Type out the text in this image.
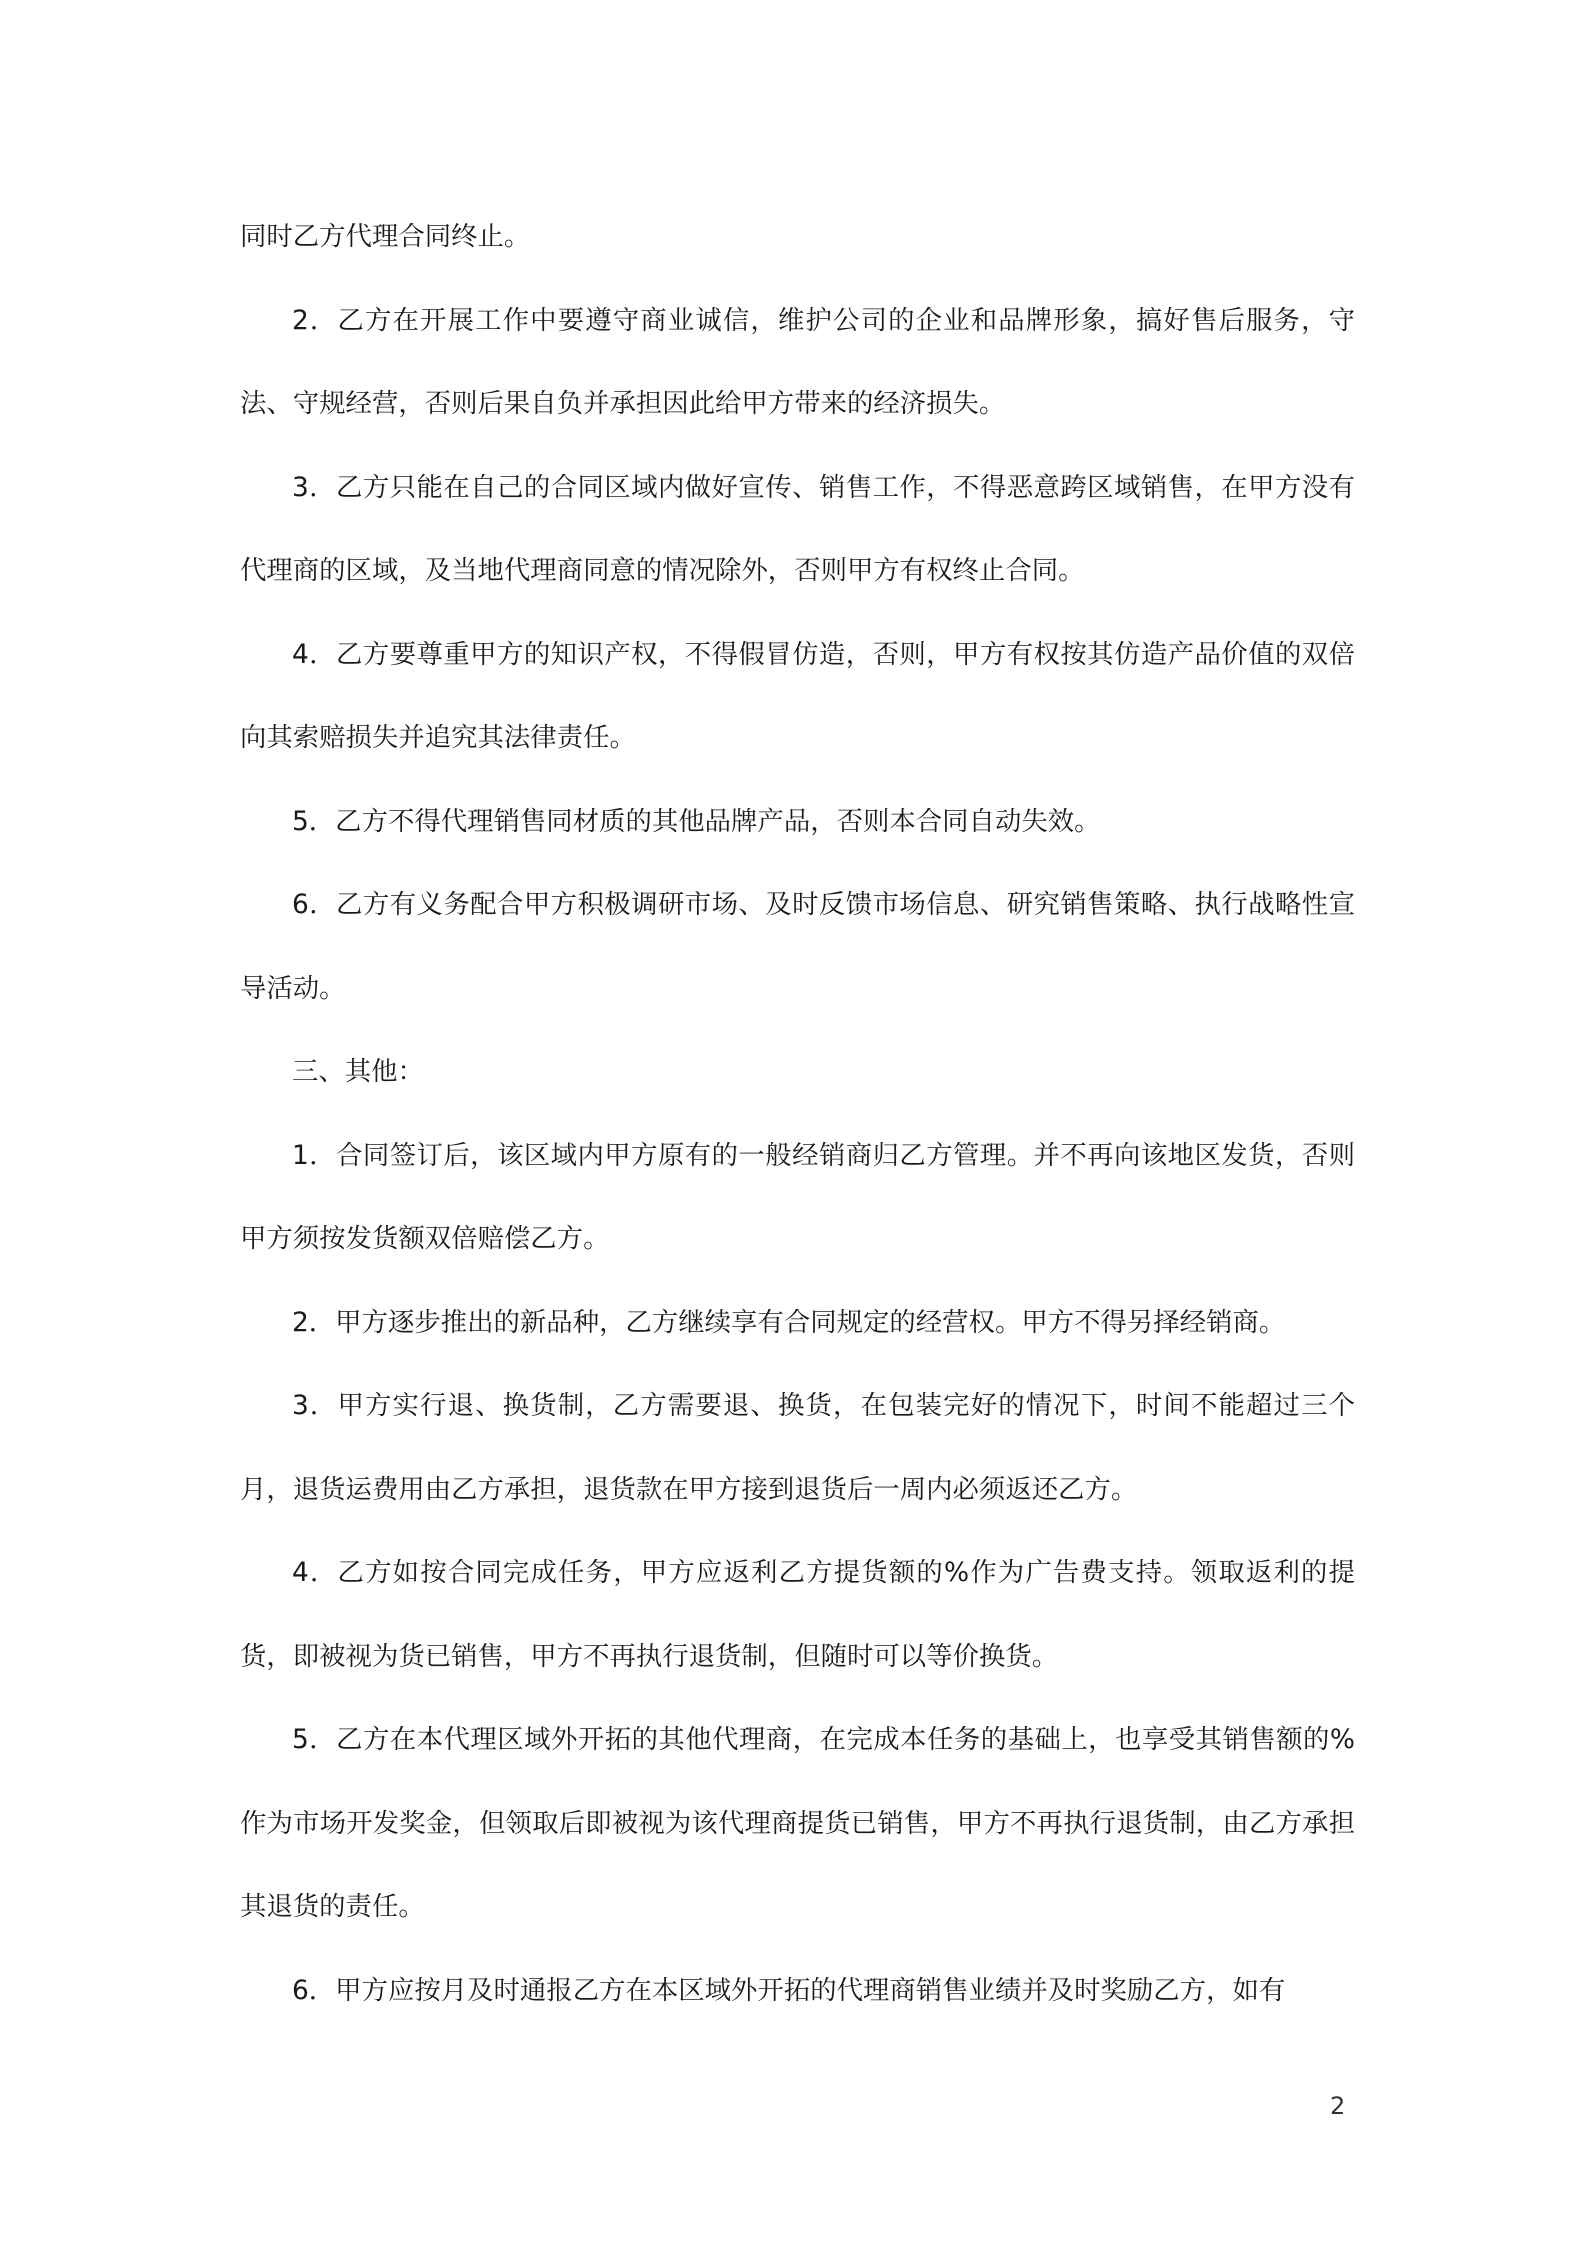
同时乙方代理合同终止。

2．乙方在开展工作中要遵守商业诚信，维护公司的企业和品牌形象，搞好售后服务，守法、守规经营，否则后果自负并承担因此给甲方带来的经济损失。

3．乙方只能在自己的合同区域内做好宣传、销售工作，不得恶意跨区域销售，在甲方没有代理商的区域，及当地代理商同意的情况除外，否则甲方有权终止合同。

4．乙方要尊重甲方的知识产权，不得假冒仿造，否则，甲方有权按其仿造产品价值的双倍向其索赔损失并追究其法律责任。

5．乙方不得代理销售同材质的其他品牌产品，否则本合同自动失效。

6．乙方有义务配合甲方积极调研市场、及时反馈市场信息、研究销售策略、执行战略性宣导活动。

三、其他：

1．合同签订后，该区域内甲方原有的一般经销商归乙方管理。并不再向该地区发货，否则甲方须按发货额双倍赔偿乙方。

2．甲方逐步推出的新品种，乙方继续享有合同规定的经营权。甲方不得另择经销商。

3．甲方实行退、换货制，乙方需要退、换货，在包装完好的情况下，时间不能超过三个月，退货运费用由乙方承担，退货款在甲方接到退货后一周内必须返还乙方。

4．乙方如按合同完成任务，甲方应返利乙方提货额的%作为广告费支持。领取返利的提货，即被视为货已销售，甲方不再执行退货制，但随时可以等价换货。

5．乙方在本代理区域外开拓的其他代理商，在完成本任务的基础上，也享受其销售额的%作为市场开发奖金，但领取后即被视为该代理商提货已销售，甲方不再执行退货制，由乙方承担其退货的责任。

6．甲方应按月及时通报乙方在本区域外开拓的代理商销售业绩并及时奖励乙方，如有

2
